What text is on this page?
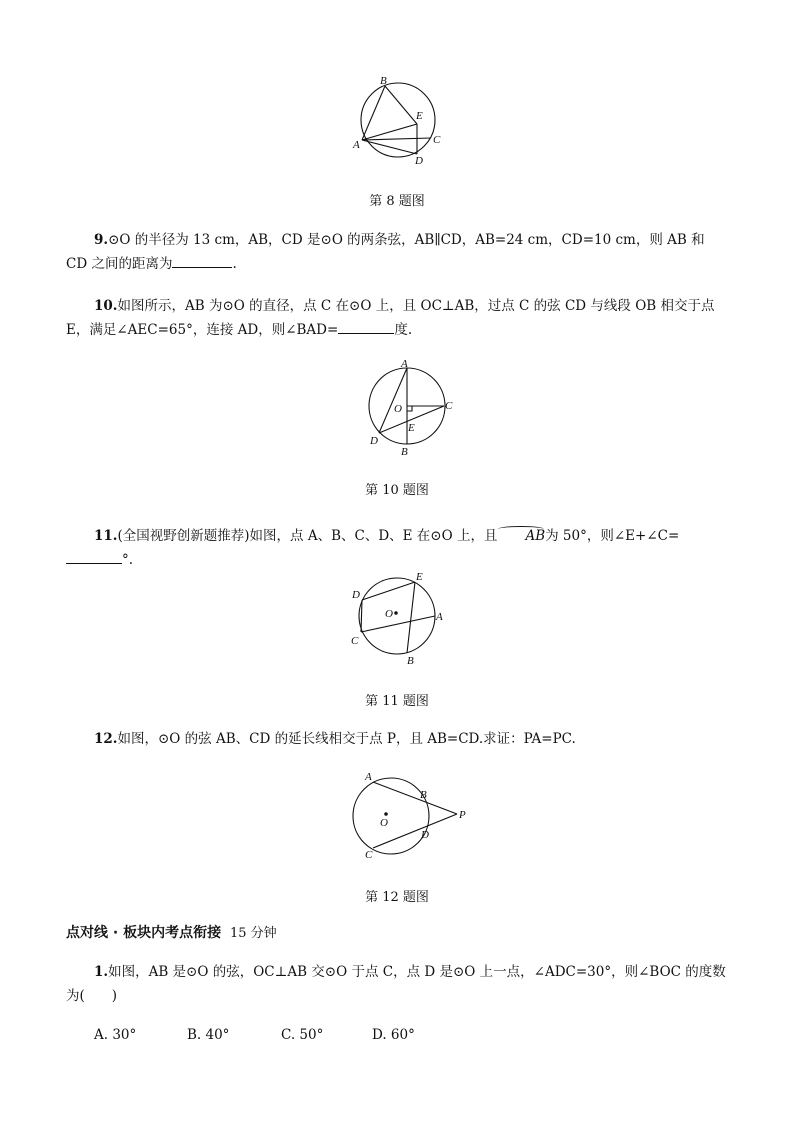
B
E
C
A
D
第 8 题图
9.⊙O 的半径为 13 cm，AB，CD 是⊙O 的两条弦，AB∥CD，AB=24 cm，CD=10 cm，则 AB 和 CD 之间的距离为	.
10.如图所示，AB 为⊙O 的直径，点 C 在⊙O 上，且 OC⊥AB，过点 C 的弦 CD 与线段 OB 相交于点 E，满足∠AEC=65°，连接 AD，则∠BAD=	度.
A
C
O
E
D
B
第 10 题图
11.(全国视野创新题推荐)如图，点 A、B、C、D、E 在⊙O 上，且 AB为 50°，则∠E+∠C=°.
D
E
O	A
C
B
第 11 题图
12.如图，⊙O 的弦 AB、CD 的延长线相交于点 P，且 AB=CD.求证：PA=PC.
A
B
P
O
D
C
第 12 题图
点对线 · 板块内考点衔接 15 分钟
1.如图，AB 是⊙O 的弦，OC⊥AB 交⊙O 于点 C，点 D 是⊙O 上一点，∠ADC=30°，则∠BOC 的度数为(　　)
A. 30°	B. 40°	C. 50°	D. 60°
